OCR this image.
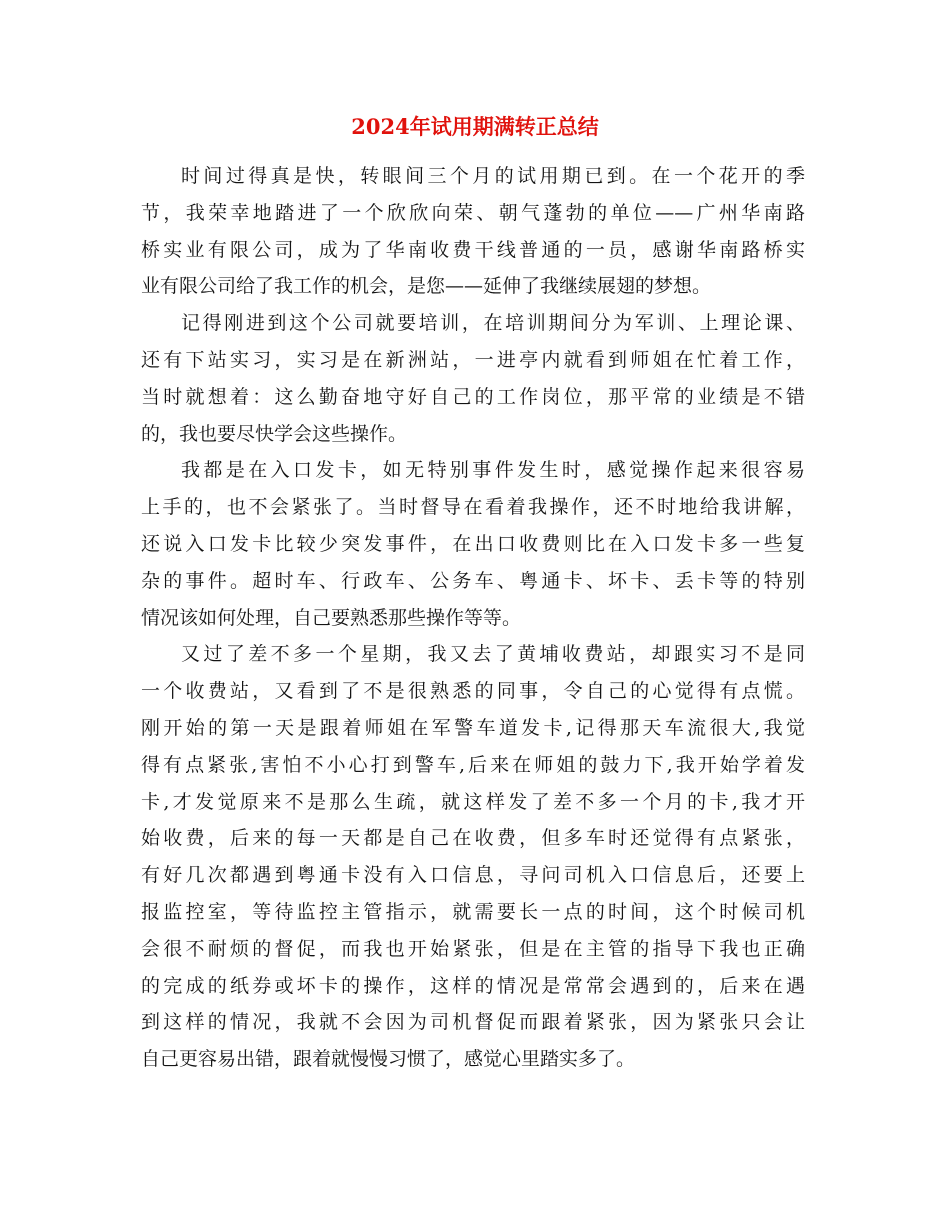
2024年试用期满转正总结
时间过得真是快，转眼间三个月的试用期已到。在一个花开的季
节，我荣幸地踏进了一个欣欣向荣、朝气蓬勃的单位——广州华南路
桥实业有限公司，成为了华南收费干线普通的一员，感谢华南路桥实
业有限公司给了我工作的机会，是您——延伸了我继续展翅的梦想。
记得刚进到这个公司就要培训，在培训期间分为军训、上理论课、
还有下站实习，实习是在新洲站，一进亭内就看到师姐在忙着工作，
当时就想着：这么勤奋地守好自己的工作岗位，那平常的业绩是不错
的，我也要尽快学会这些操作。
我都是在入口发卡，如无特别事件发生时，感觉操作起来很容易
上手的，也不会紧张了。当时督导在看着我操作，还不时地给我讲解，
还说入口发卡比较少突发事件，在出口收费则比在入口发卡多一些复
杂的事件。超时车、行政车、公务车、粤通卡、坏卡、丢卡等的特别
情况该如何处理，自己要熟悉那些操作等等。
又过了差不多一个星期，我又去了黄埔收费站，却跟实习不是同
一个收费站，又看到了不是很熟悉的同事，令自己的心觉得有点慌。
刚开始的第一天是跟着师姐在军警车道发卡,记得那天车流很大,我觉
得有点紧张,害怕不小心打到警车,后来在师姐的鼓力下,我开始学着发
卡,才发觉原来不是那么生疏，就这样发了差不多一个月的卡,我才开
始收费，后来的每一天都是自己在收费，但多车时还觉得有点紧张，
有好几次都遇到粤通卡没有入口信息，寻问司机入口信息后，还要上
报监控室，等待监控主管指示，就需要长一点的时间，这个时候司机
会很不耐烦的督促，而我也开始紧张，但是在主管的指导下我也正确
的完成的纸券或坏卡的操作，这样的情况是常常会遇到的，后来在遇
到这样的情况，我就不会因为司机督促而跟着紧张，因为紧张只会让
自己更容易出错，跟着就慢慢习惯了，感觉心里踏实多了。
